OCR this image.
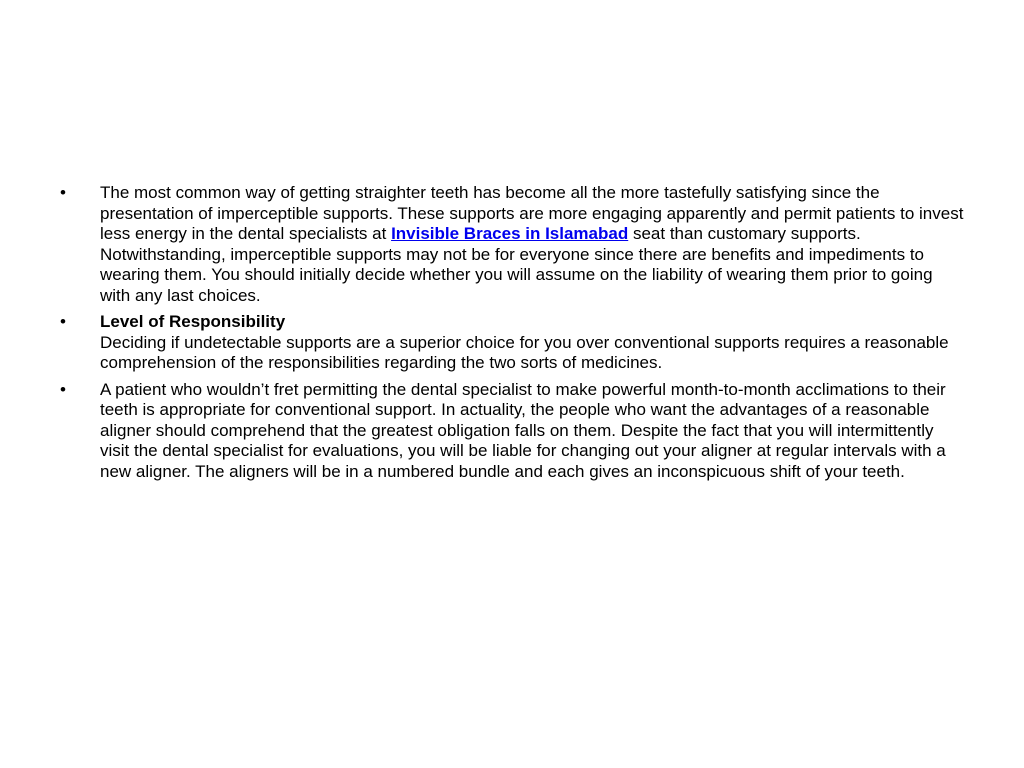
•	The most common way of getting straighter teeth has become all the more tastefully satisfying since the presentation of imperceptible supports. These supports are more engaging apparently and permit patients to invest less energy in the dental specialists at Invisible Braces in Islamabad seat than customary supports. Notwithstanding, imperceptible supports may not be for everyone since there are benefits and impediments to wearing them. You should initially decide whether you will assume on the liability of wearing them prior to going with any last choices.
•	Level of Responsibility
Deciding if undetectable supports are a superior choice for you over conventional supports requires a reasonable comprehension of the responsibilities regarding the two sorts of medicines.
•	A patient who wouldn’t fret permitting the dental specialist to make powerful month-to-month acclimations to their teeth is appropriate for conventional support. In actuality, the people who want the advantages of a reasonable aligner should comprehend that the greatest obligation falls on them. Despite the fact that you will intermittently visit the dental specialist for evaluations, you will be liable for changing out your aligner at regular intervals with a new aligner. The aligners will be in a numbered bundle and each gives an inconspicuous shift of your teeth.
